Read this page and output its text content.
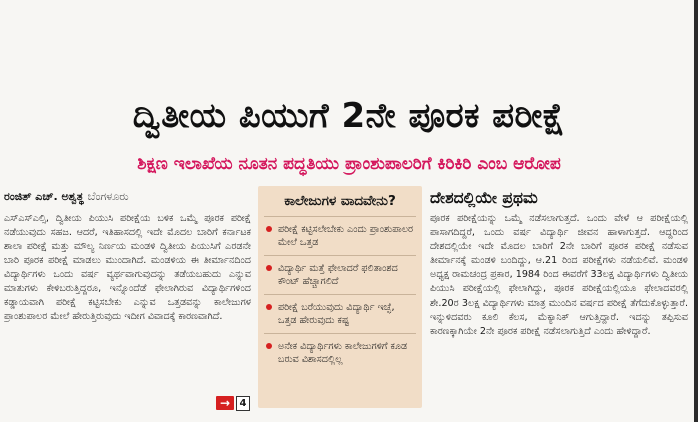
ದ್ವಿತೀಯ ಪಿಯುಗೆ 2ನೇ ಪೂರಕ ಪರೀಕ್ಷೆ
ಶಿಕ್ಷಣ ಇಲಾಖೆಯ ನೂತನ ಪದ್ಧತಿಯು ಪ್ರಾಂಶುಪಾಲರಿಗೆ ಕಿರಿಕಿರಿ ಎಂಬ ಆರೋಪ
ರಂಜಿತ್ ಎಚ್. ಅಶ್ವತ್ಥ ಬೆಂಗಳೂರು
ಎಸ್ಎಸ್ಎಲ್ಸಿ, ದ್ವಿತೀಯ ಪಿಯುಸಿ ಪರೀಕ್ಷೆಯ ಬಳಿಕ ಒಮ್ಮೆ ಪೂರಕ ಪರೀಕ್ಷೆ ನಡೆಯುವುದು ಸಹಜ. ಆದರೆ, ಇತಿಹಾಸದಲ್ಲಿ ಇದೇ ಮೊದಲ ಬಾರಿಗೆ ಕರ್ನಾಟಕ ಶಾಲಾ ಪರೀಕ್ಷೆ ಮತ್ತು ಮೌಲ್ಯ ನಿರ್ಣಯ ಮಂಡಳಿ ದ್ವಿತೀಯ ಪಿಯುಸಿಗೆ ಎರಡನೇ ಬಾರಿ ಪೂರಕ ಪರೀಕ್ಷೆ ಮಾಡಲು ಮುಂದಾಗಿದೆ. ಮಂಡಳಿಯ ಈ ತೀರ್ಮಾನದಿಂದ ವಿದ್ಯಾರ್ಥಿಗಳು ಒಂದು ವರ್ಷ ವ್ಯರ್ಥವಾಗುವುದನ್ನು ತಡೆಯಬಹುದು ಎನ್ನುವ ಮಾತುಗಳು ಕೇಳಿಬರುತ್ತಿದ್ದರೂ, ಇನ್ನೊಂದೆಡೆ ಫೇಲಾಗಿರುವ ವಿದ್ಯಾರ್ಥಿಗಳಿಂದ ಕಡ್ಡಾಯವಾಗಿ ಪರೀಕ್ಷೆ ಕಟ್ಟಿಸಬೇಕು ಎನ್ನುವ ಒತ್ತಡವನ್ನು ಕಾಲೇಜುಗಳ ಪ್ರಾಂಶುಪಾಲರ ಮೇಲೆ ಹೇರುತ್ತಿರುವುದು ಇದೀಗ ವಿವಾದಕ್ಕೆ ಕಾರಣವಾಗಿದೆ.
→ 4
ಕಾಲೇಜುಗಳ ವಾದವೇನು?
ಪರೀಕ್ಷೆ ಕಟ್ಟಿಸಲೇಬೇಕು ಎಂದು ಪ್ರಾಂಶುಪಾಲರ ಮೇಲೆ ಒತ್ತಡ
ವಿದ್ಯಾರ್ಥಿ ಮತ್ತೆ ಫೇಲಾದರೆ ಫಲಿತಾಂಶದ ಕೌಂಟ್ ಹೆಚ್ಚಾಗಲಿದೆ
ಪರೀಕ್ಷೆ ಬರೆಯುವುದು ವಿದ್ಯಾರ್ಥಿ ಇಚ್ಛೆ, ಒತ್ತಡ ಹೇರುವುದು ಕಷ್ಟ
ಅನೇಕ ವಿದ್ಯಾರ್ಥಿಗಳು ಕಾಲೇಜುಗಳಿಗೆ ಕೂಡ ಬರುವ ವಿಶಾಸದಲ್ಲಿಲ್ಲ
ದೇಶದಲ್ಲಿಯೇ ಪ್ರಥಮ
ಪೂರಕ ಪರೀಕ್ಷೆಯನ್ನು ಒಮ್ಮೆ ನಡೆಸಲಾಗುತ್ತದೆ. ಒಂದು ವೇಳೆ ಆ ಪರೀಕ್ಷೆಯಲ್ಲಿ ಪಾಸಾಗದಿದ್ದರೆ, ಒಂದು ವರ್ಷ ವಿದ್ಯಾರ್ಥಿ ಜೀವನ ಹಾಳಾಗುತ್ತದೆ. ಆದ್ದರಿಂದ ದೇಶದಲ್ಲಿಯೇ ಇದೇ ಮೊದಲ ಬಾರಿಗೆ 2ನೇ ಬಾರಿಗೆ ಪೂರಕ ಪರೀಕ್ಷೆ ನಡೆಸುವ ತೀರ್ಮಾನಕ್ಕೆ ಮಂಡಳಿ ಬಂದಿದ್ದು, ಆ.21 ರಿಂದ ಪರೀಕ್ಷೆಗಳು ನಡೆಯಲಿವೆ. ಮಂಡಳಿ ಅಧ್ಯಕ್ಷ ರಾಮಚಂದ್ರ ಪ್ರಕಾರ, 1984 ರಿಂದ ಈವರೆಗೆ 33ಲಕ್ಷ ವಿದ್ಯಾರ್ಥಿಗಳು ದ್ವಿತೀಯ ಪಿಯುಸಿ ಪರೀಕ್ಷೆಯಲ್ಲಿ ಫೇಲಾಗಿದ್ದು, ಪೂರಕ ಪರೀಕ್ಷೆಯಲ್ಲಿಯೂ ಫೇಲಾದವರಲ್ಲಿ ಶೇ.20ರ 3ಲಕ್ಷ ವಿದ್ಯಾರ್ಥಿಗಳು ಮಾತ್ರ ಮುಂದಿನ ವರ್ಷದ ಪರೀಕ್ಷೆ ತೆಗೆದುಕೊಳ್ಳುತ್ತಾರೆ. ಇನ್ನುಳಿದವರು ಕೂಲಿ ಕೆಲಸ, ಮೆಕ್ಯಾನಿಕ್ ಆಗುತ್ತಿದ್ದಾರೆ. ಇದನ್ನು ತಪ್ಪಿಸುವ ಕಾರಣಕ್ಕಾಗಿಯೇ 2ನೇ ಪೂರಕ ಪರೀಕ್ಷೆ ನಡೆಸಲಾಗುತ್ತಿದೆ ಎಂದು ಹೇಳಿದ್ದಾರೆ.
